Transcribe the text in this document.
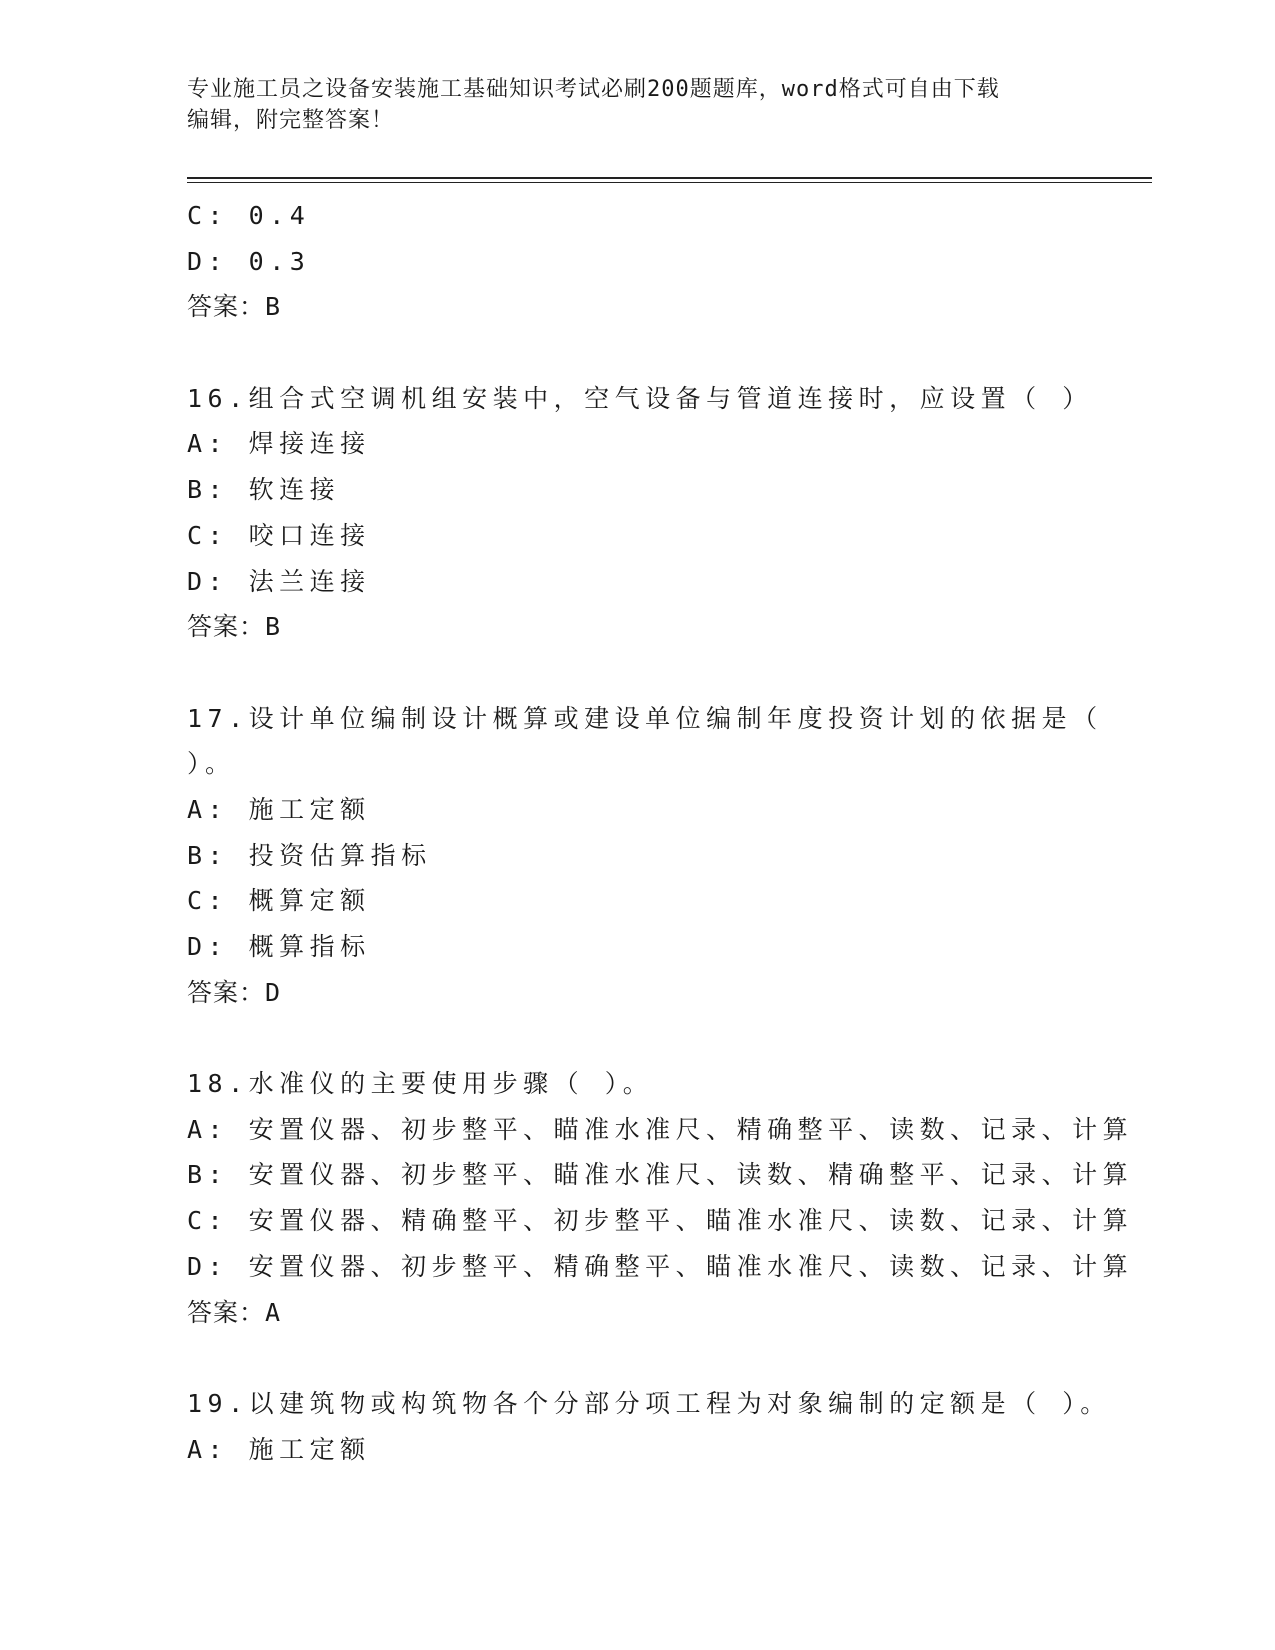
专业施工员之设备安装施工基础知识考试必刷200题题库，word格式可自由下载
编辑，附完整答案！
C: 0.4
D: 0.3
答案：B
16.组合式空调机组安装中，空气设备与管道连接时，应设置（ ）
A: 焊接连接
B: 软连接
C: 咬口连接
D: 法兰连接
答案：B
17.设计单位编制设计概算或建设单位编制年度投资计划的依据是（
）。
A: 施工定额
B: 投资估算指标
C: 概算定额
D: 概算指标
答案：D
18.水准仪的主要使用步骤（ ）。
A: 安置仪器、初步整平、瞄准水准尺、精确整平、读数、记录、计算
B: 安置仪器、初步整平、瞄准水准尺、读数、精确整平、记录、计算
C: 安置仪器、精确整平、初步整平、瞄准水准尺、读数、记录、计算
D: 安置仪器、初步整平、精确整平、瞄准水准尺、读数、记录、计算
答案：A
19.以建筑物或构筑物各个分部分项工程为对象编制的定额是（ ）。
A: 施工定额
